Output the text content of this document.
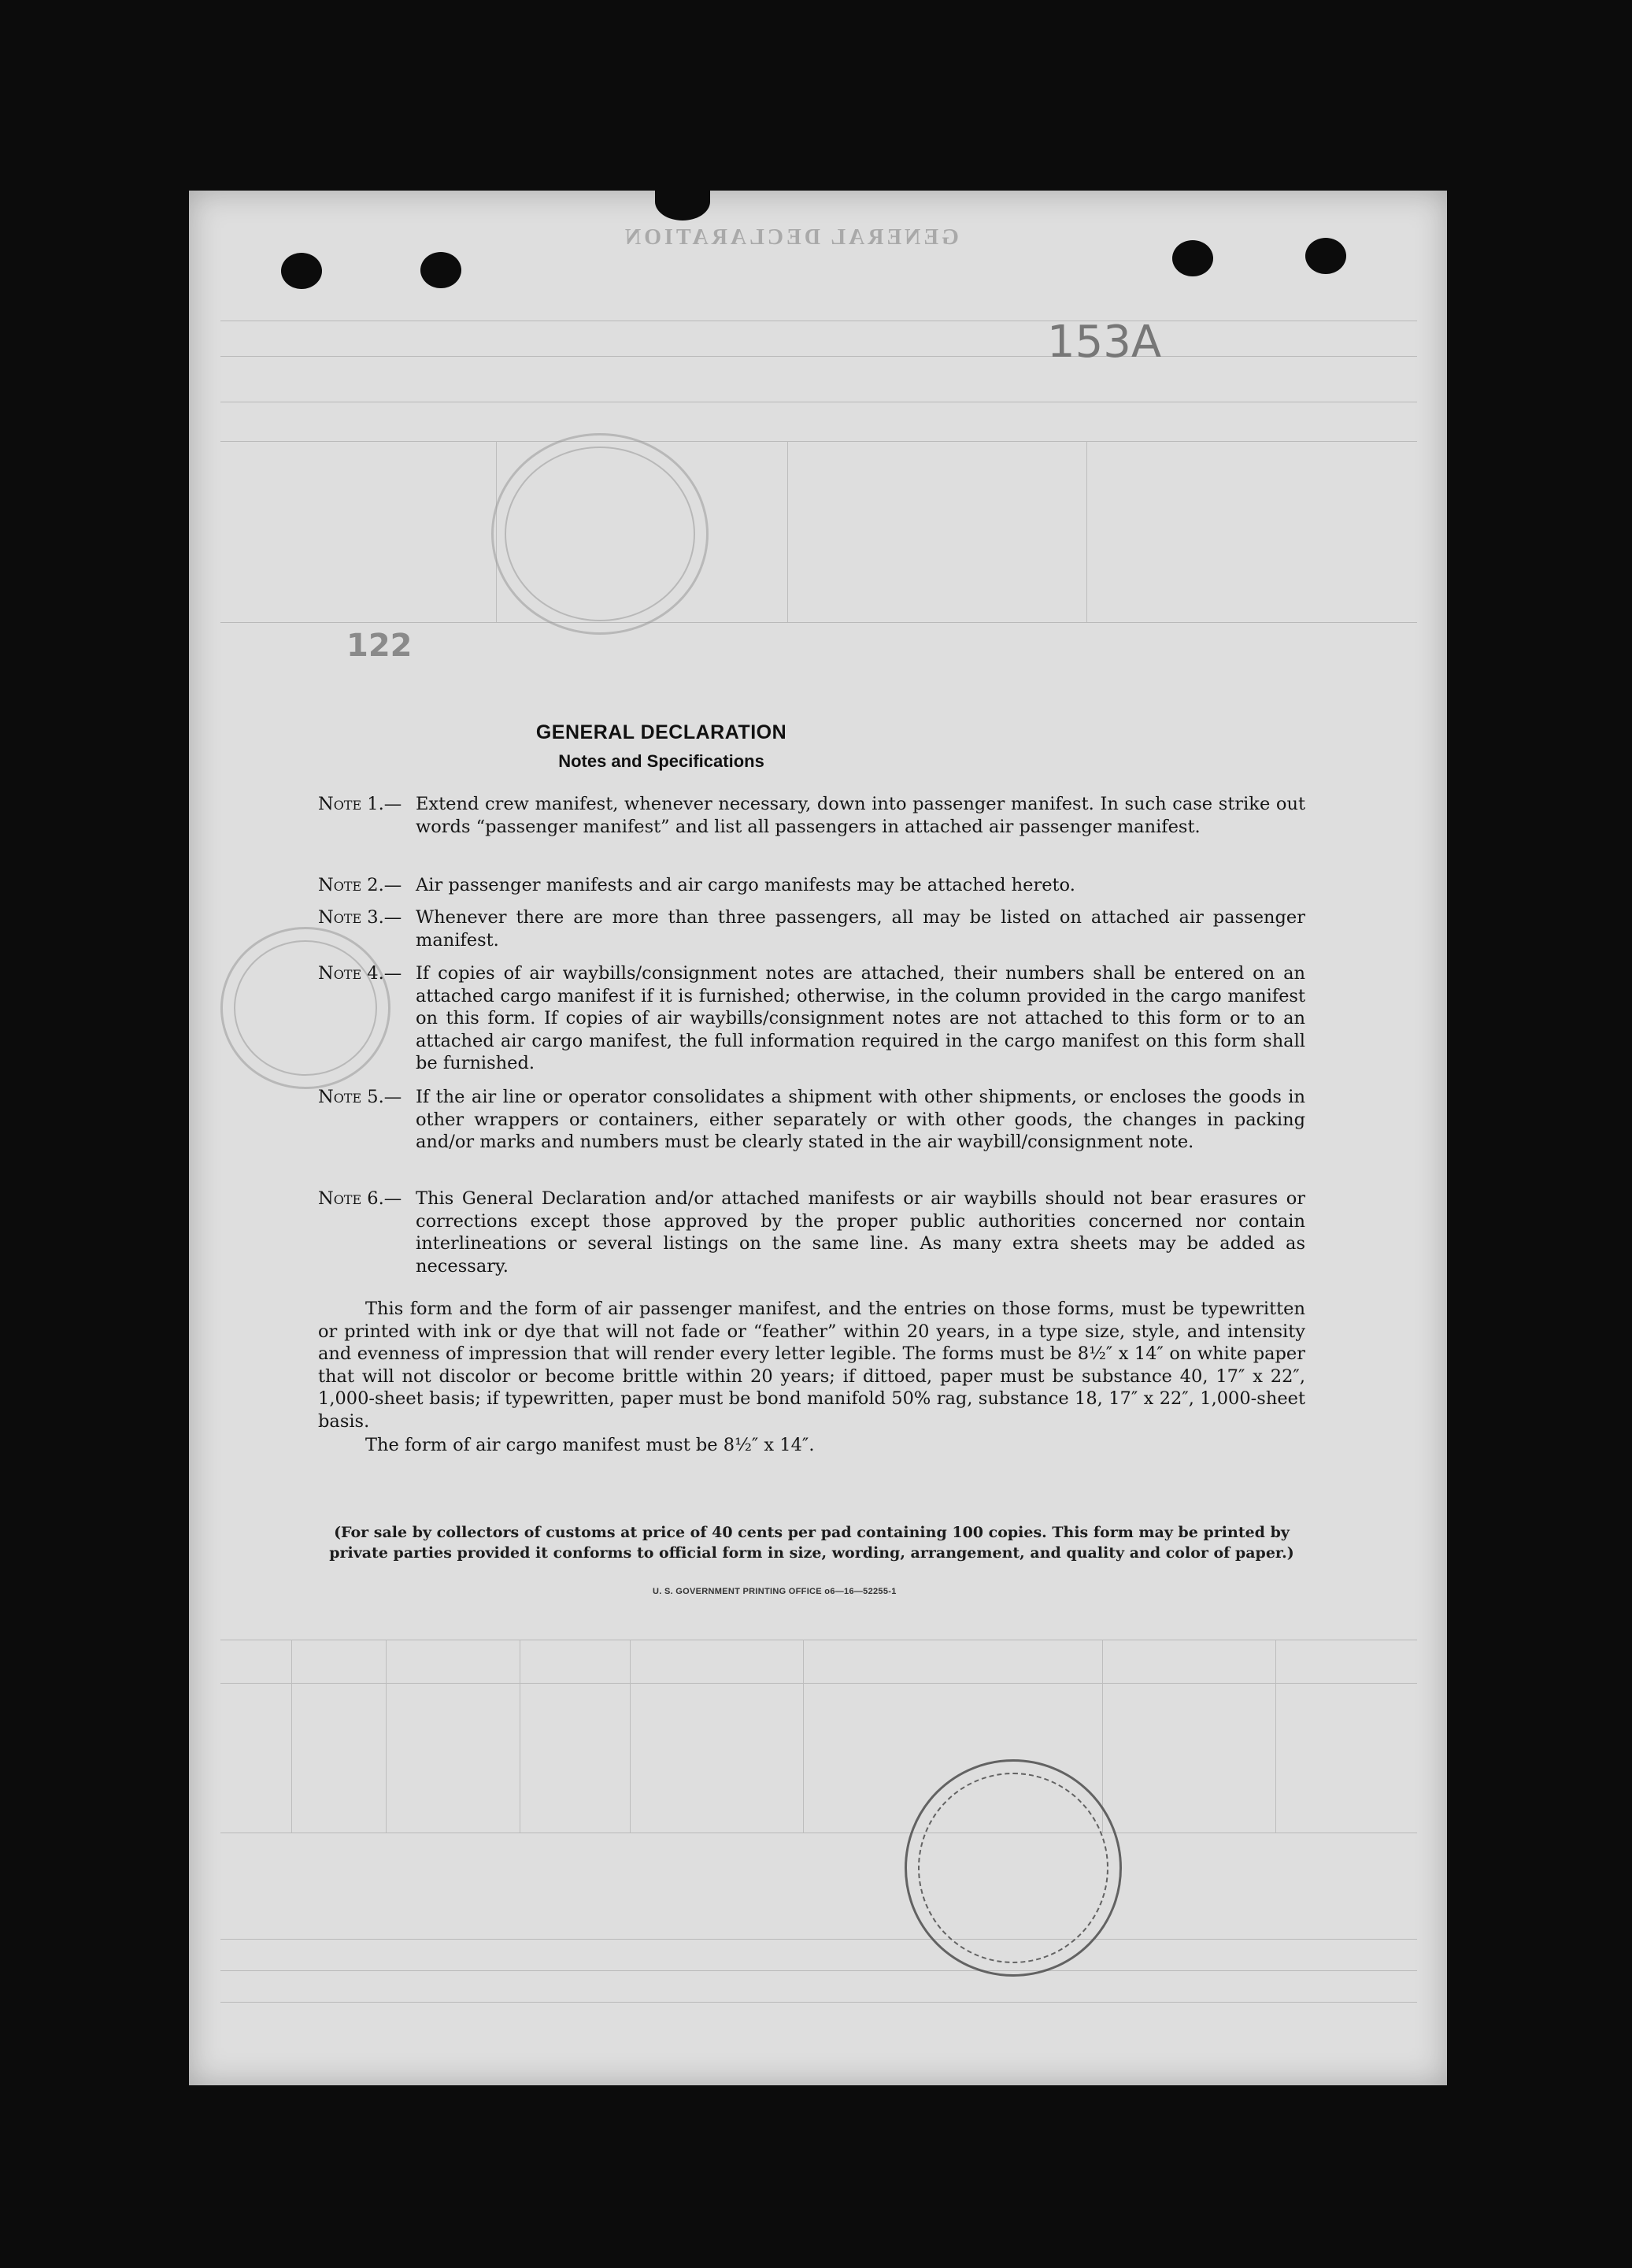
GENERAL DECLARATION
153A
122
GENERAL DECLARATION
Notes and Specifications
Note 1.— Extend crew manifest, whenever necessary, down into passenger manifest. In such case strike out words “passenger manifest” and list all passengers in attached air passenger manifest.
Note 2.— Air passenger manifests and air cargo manifests may be attached hereto.
Note 3.— Whenever there are more than three passengers, all may be listed on attached air passenger manifest.
Note 4.— If copies of air waybills/consignment notes are attached, their numbers shall be entered on an attached cargo manifest if it is furnished; otherwise, in the column provided in the cargo manifest on this form. If copies of air waybills/consignment notes are not attached to this form or to an attached air cargo manifest, the full information required in the cargo manifest on this form shall be furnished.
Note 5.— If the air line or operator consolidates a shipment with other shipments, or encloses the goods in other wrappers or containers, either separately or with other goods, the changes in packing and/or marks and numbers must be clearly stated in the air waybill/consignment note.
Note 6.— This General Declaration and/or attached manifests or air waybills should not bear erasures or corrections except those approved by the proper public authorities concerned nor contain interlineations or several listings on the same line. As many extra sheets may be added as necessary.
This form and the form of air passenger manifest, and the entries on those forms, must be typewritten or printed with ink or dye that will not fade or “feather” within 20 years, in a type size, style, and intensity and evenness of impression that will render every letter legible. The forms must be 8½″ x 14″ on white paper that will not discolor or become brittle within 20 years; if dittoed, paper must be substance 40, 17″ x 22″, 1,000-sheet basis; if typewritten, paper must be bond manifold 50% rag, substance 18, 17″ x 22″, 1,000-sheet basis.
The form of air cargo manifest must be 8½″ x 14″.
(For sale by collectors of customs at price of 40 cents per pad containing 100 copies. This form may be printed by private parties provided it conforms to official form in size, wording, arrangement, and quality and color of paper.)
U. S. GOVERNMENT PRINTING OFFICE o6—16—52255-1
